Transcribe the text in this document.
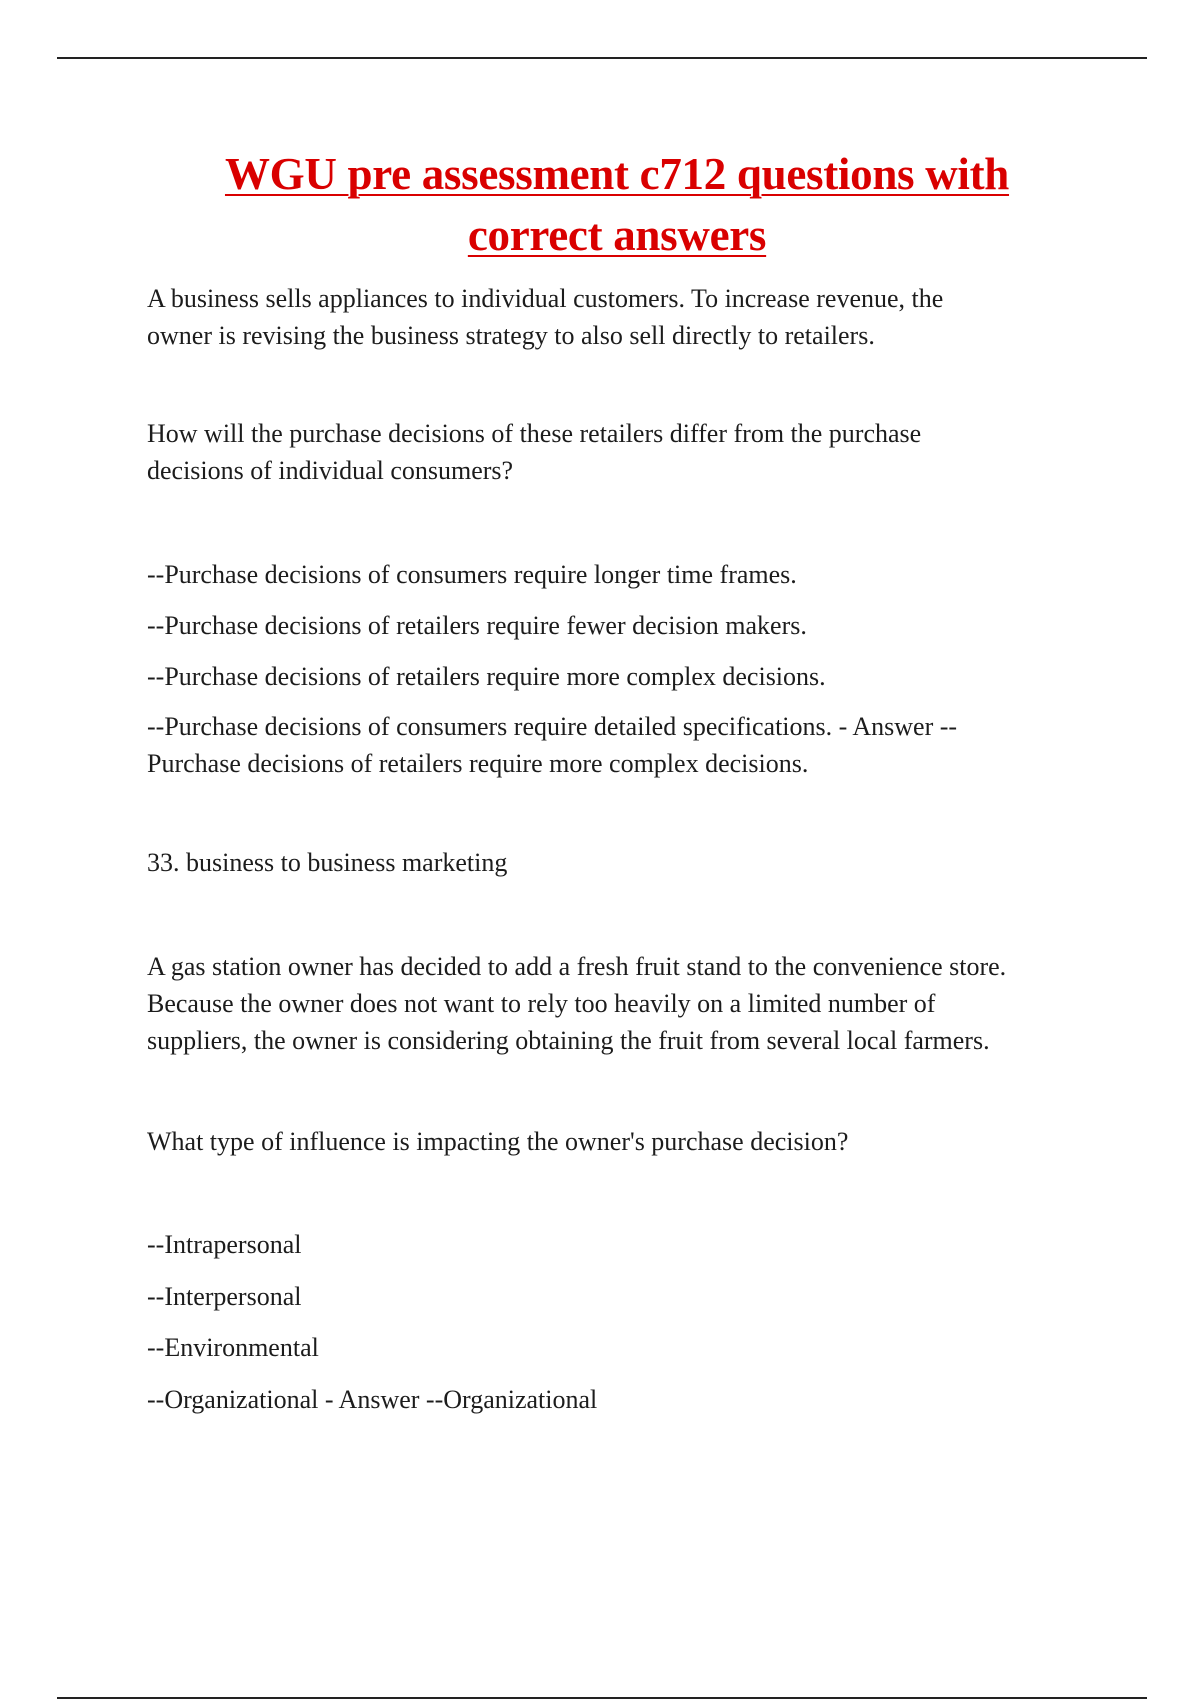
WGU pre assessment c712 questions with
correct answers
A business sells appliances to individual customers. To increase revenue, the
owner is revising the business strategy to also sell directly to retailers.
How will the purchase decisions of these retailers differ from the purchase
decisions of individual consumers?
--Purchase decisions of consumers require longer time frames.
--Purchase decisions of retailers require fewer decision makers.
--Purchase decisions of retailers require more complex decisions.
--Purchase decisions of consumers require detailed specifications. - Answer --
Purchase decisions of retailers require more complex decisions.
33. business to business marketing
A gas station owner has decided to add a fresh fruit stand to the convenience store.
Because the owner does not want to rely too heavily on a limited number of
suppliers, the owner is considering obtaining the fruit from several local farmers.
What type of influence is impacting the owner's purchase decision?
--Intrapersonal
--Interpersonal
--Environmental
--Organizational - Answer --Organizational
